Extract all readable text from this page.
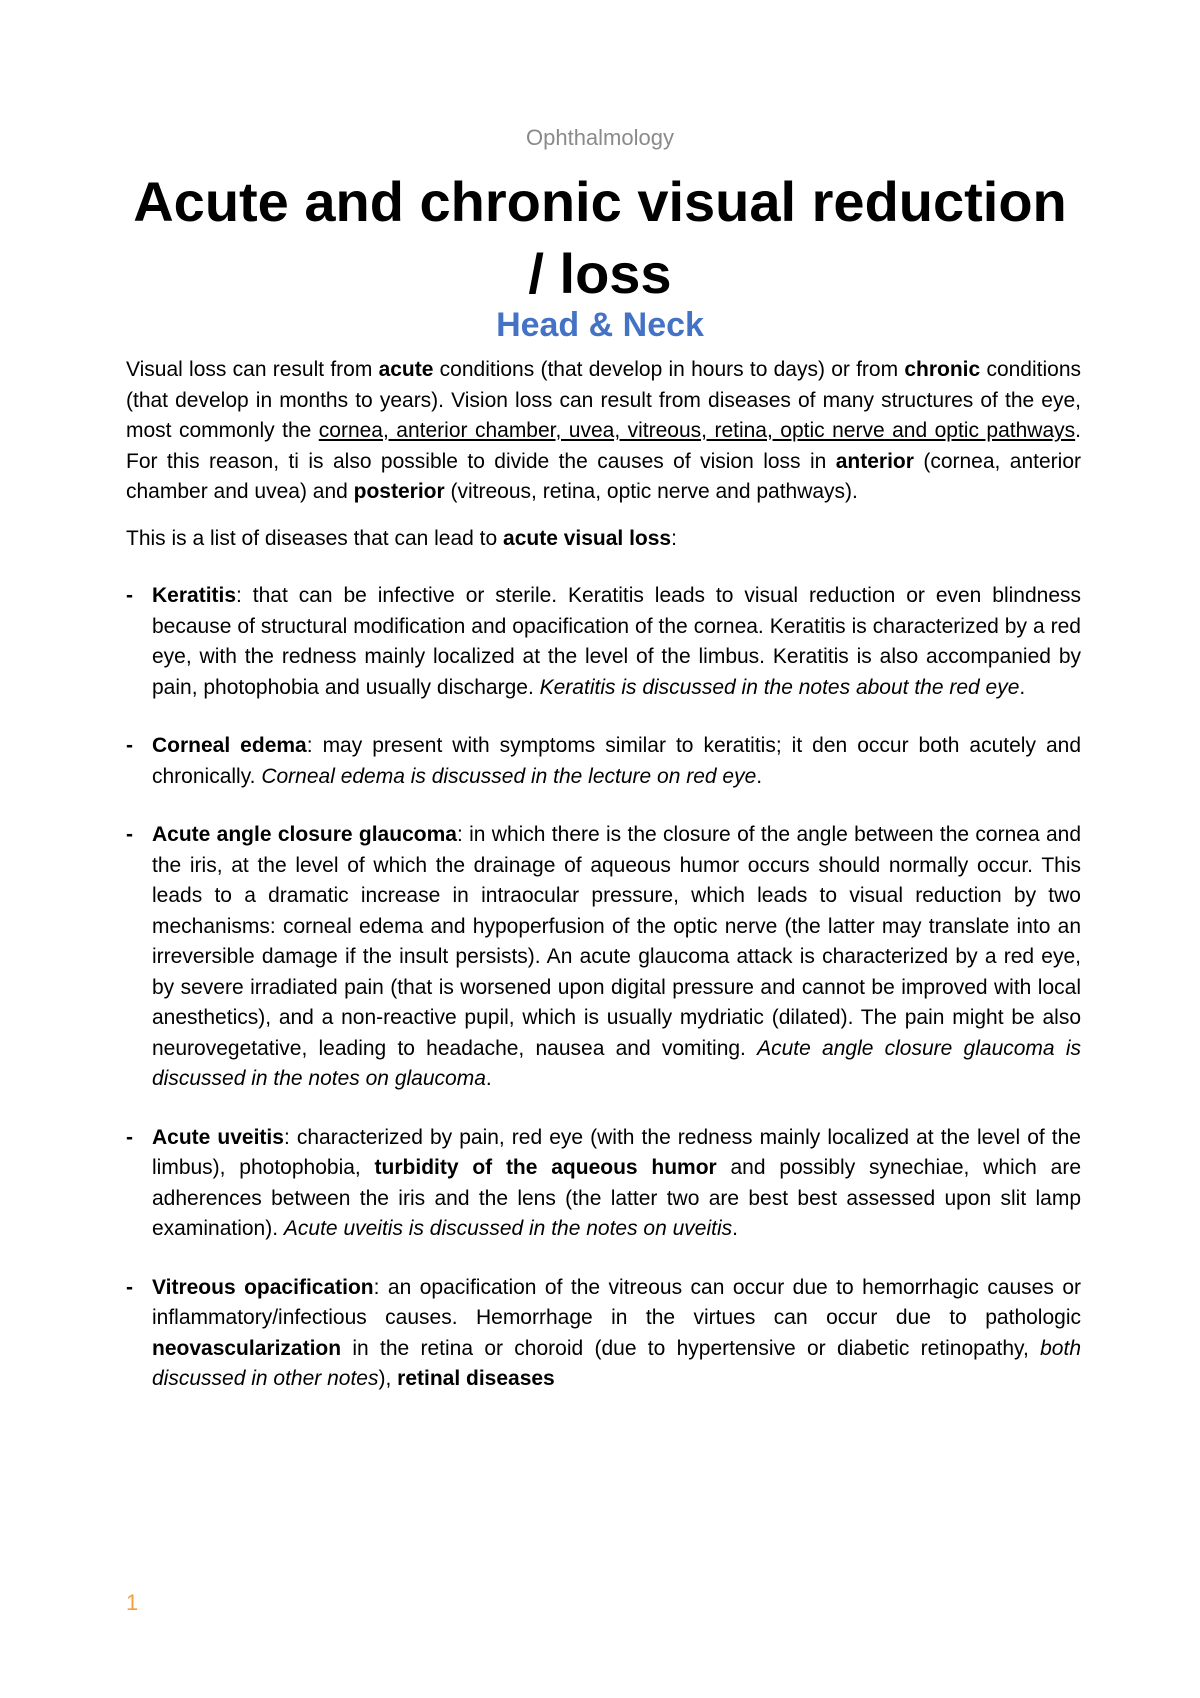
Ophthalmology
Acute and chronic visual reduction / loss
Head & Neck

Visual loss can result from acute conditions (that develop in hours to days) or from chronic conditions (that develop in months to years). Vision loss can result from diseases of many structures of the eye, most commonly the cornea, anterior chamber, uvea, vitreous, retina, optic nerve and optic pathways. For this reason, ti is also possible to divide the causes of vision loss in anterior (cornea, anterior chamber and uvea) and posterior (vitreous, retina, optic nerve and pathways).

This is a list of diseases that can lead to acute visual loss:

- Keratitis: that can be infective or sterile. Keratitis leads to visual reduction or even blindness because of structural modification and opacification of the cornea. Keratitis is characterized by a red eye, with the redness mainly localized at the level of the limbus. Keratitis is also accompanied by pain, photophobia and usually discharge. Keratitis is discussed in the notes about the red eye.
- Corneal edema: may present with symptoms similar to keratitis; it den occur both acutely and chronically. Corneal edema is discussed in the lecture on red eye.
- Acute angle closure glaucoma: in which there is the closure of the angle between the cornea and the iris, at the level of which the drainage of aqueous humor occurs should normally occur. This leads to a dramatic increase in intraocular pressure, which leads to visual reduction by two mechanisms: corneal edema and hypoperfusion of the optic nerve (the latter may translate into an irreversible damage if the insult persists). An acute glaucoma attack is characterized by a red eye, by severe irradiated pain (that is worsened upon digital pressure and cannot be improved with local anesthetics), and a non-reactive pupil, which is usually mydriatic (dilated). The pain might be also neurovegetative, leading to headache, nausea and vomiting. Acute angle closure glaucoma is discussed in the notes on glaucoma.
- Acute uveitis: characterized by pain, red eye (with the redness mainly localized at the level of the limbus), photophobia, turbidity of the aqueous humor and possibly synechiae, which are adherences between the iris and the lens (the latter two are best best assessed upon slit lamp examination). Acute uveitis is discussed in the notes on uveitis.
- Vitreous opacification: an opacification of the vitreous can occur due to hemorrhagic causes or inflammatory/infectious causes. Hemorrhage in the virtues can occur due to pathologic neovascularization in the retina or choroid (due to hypertensive or diabetic retinopathy, both discussed in other notes), retinal diseases
1
